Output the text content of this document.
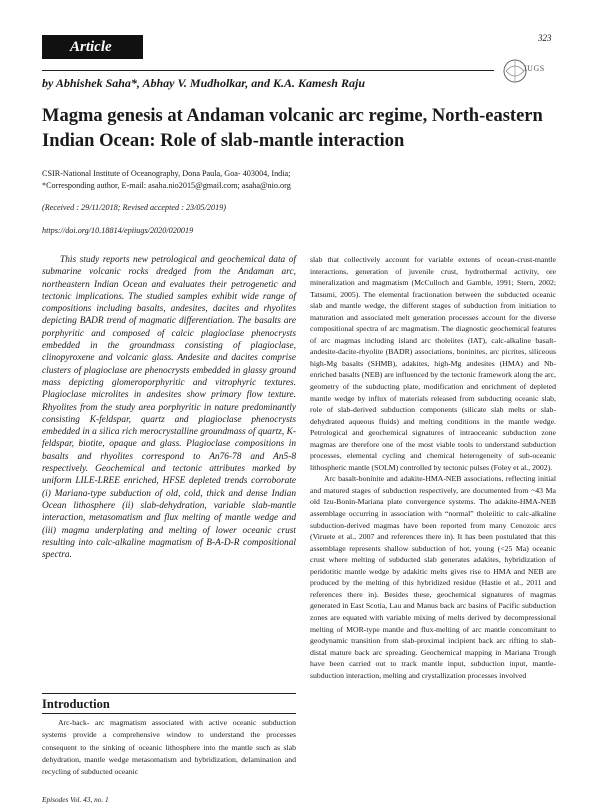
Article
323
IUGS
by Abhishek Saha*, Abhay V. Mudholkar, and K.A. Kamesh Raju
Magma genesis at Andaman volcanic arc regime, North-eastern Indian Ocean: Role of slab-mantle interaction
CSIR-National Institute of Oceanography, Dona Paula, Goa- 403004, India;
*Corresponding author, E-mail: asaha.nio2015@gmail.com; asaha@nio.org
(Received : 29/11/2018; Revised accepted : 23/05/2019)
https://doi.org/10.18814/epiiugs/2020/020019

This study reports new petrological and geochemical data of submarine volcanic rocks dredged from the Andaman arc, northeastern Indian Ocean and evaluates their petrogenetic and tectonic implications. The studied samples exhibit wide range of compositions including basalts, andesites, dacites and rhyolites depicting BADR trend of magmatic differentiation. The basalts are porphyritic and composed of calcic plagioclase phenocrysts embedded in the groundmass consisting of plagioclase, clinopyroxene and volcanic glass. Andesite and dacites comprise clusters of plagioclase are phenocrysts embedded in glassy ground mass depicting glomeroporphyritic and vitrophyric textures. Plagioclase microlites in andesites show primary flow texture. Rhyolites from the study area porphyritic in nature predominantly consisting K-feldspar, quartz and plagioclase phenocrysts embedded in a silica rich merocrystalline groundmass of quartz, K-feldspar, biotite, opaque and glass. Plagioclase compositions in basalts and rhyolites correspond to An76-78 and An5-8 respectively. Geochemical and tectonic attributes marked by uniform LILE-LREE enriched, HFSE depleted trends corroborate (i) Mariana-type subduction of old, cold, thick and dense Indian Ocean lithosphere (ii) slab-dehydration, variable slab-mantle interaction, metasomatism and flux melting of mantle wedge and (iii) magma underplating and melting of lower oceanic crust resulting into calc-alkaline magmatism of B-A-D-R compositional spectra.

Introduction

Arc-back- arc magmatism associated with active oceanic subduction systems provide a comprehensive window to understand the processes consequent to the sinking of oceanic lithosphere into the mantle such as slab dehydration, mantle wedge metasomatism and hybridization, delamination and recycling of subducted oceanic

slab that collectively account for variable extents of ocean-crust-mantle interactions, generation of juvenile crust, hydrothermal activity, ore mineralization and magmatism (McCulloch and Gamble, 1991; Stern, 2002; Tatsumi, 2005). The elemental fractionation between the subducted oceanic slab and mantle wedge, the different stages of subduction from initiation to maturation and associated melt generation processes account for the diverse compositional spectra of arc magmatism. The diagnostic geochemical features of arc magmas including island arc tholeiites (IAT), calc-alkaline basalt-andesite-dacite-rhyolite (BADR) associations, boninites, arc picrites, siliceous high-Mg basalts (SHMB), adakites, high-Mg andesites (HMA) and Nb-enriched basalts (NEB) are influenced by the tectonic framework along the arc, geometry of the subducting plate, modification and enrichment of depleted mantle wedge by influx of materials released from subducting oceanic slab, role of slab-derived subduction components (silicate slab melts or slab-dehydrated aqueous fluids) and melting conditions in the mantle wedge. Petrological and geochemical signatures of intraoceanic subduction zone magmas are therefore one of the most viable tools to understand subduction processes, elemental cycling and chemical heterogeneity of sub-oceanic lithospheric mantle (SOLM) controlled by tectonic pulses (Foley et al., 2002).

Arc basalt-boninite and adakite-HMA-NEB associations, reflecting initial and matured stages of subduction respectively, are documented from ~43 Ma old Izu-Bonin-Mariana plate convergence systems. The adakite-HMA-NEB assemblage occurring in association with “normal” tholeiitic to calc-alkaline subduction-derived magmas have been reported from many Cenozoic arcs (Viruete et al., 2007 and references there in). It has been postulated that this assemblage represents shallow subduction of hot, young (<25 Ma) oceanic crust where melting of subducted slab generates adakites, hybridization of peridotitic mantle wedge by adakitic melts gives rise to HMA and NEB are produced by the melting of this hybridized residue (Hastie et al., 2011 and references there in). Besides these, geochemical signatures of magmas generated in East Scotia, Lau and Manus back arc basins of Pacific subduction zones are equated with variable mixing of melts derived by decompressional melting of MOR-type mantle and flux-melting of arc mantle concomitant to geodynamic transition from slab-proximal incipient back arc rifting to slab-distal mature back arc spreading. Geochemical mapping in Mariana Trough have been carried out to track mantle input, subduction input, mantle-subduction interaction, melting and crystallization processes involved

Episodes Vol. 43, no. 1
